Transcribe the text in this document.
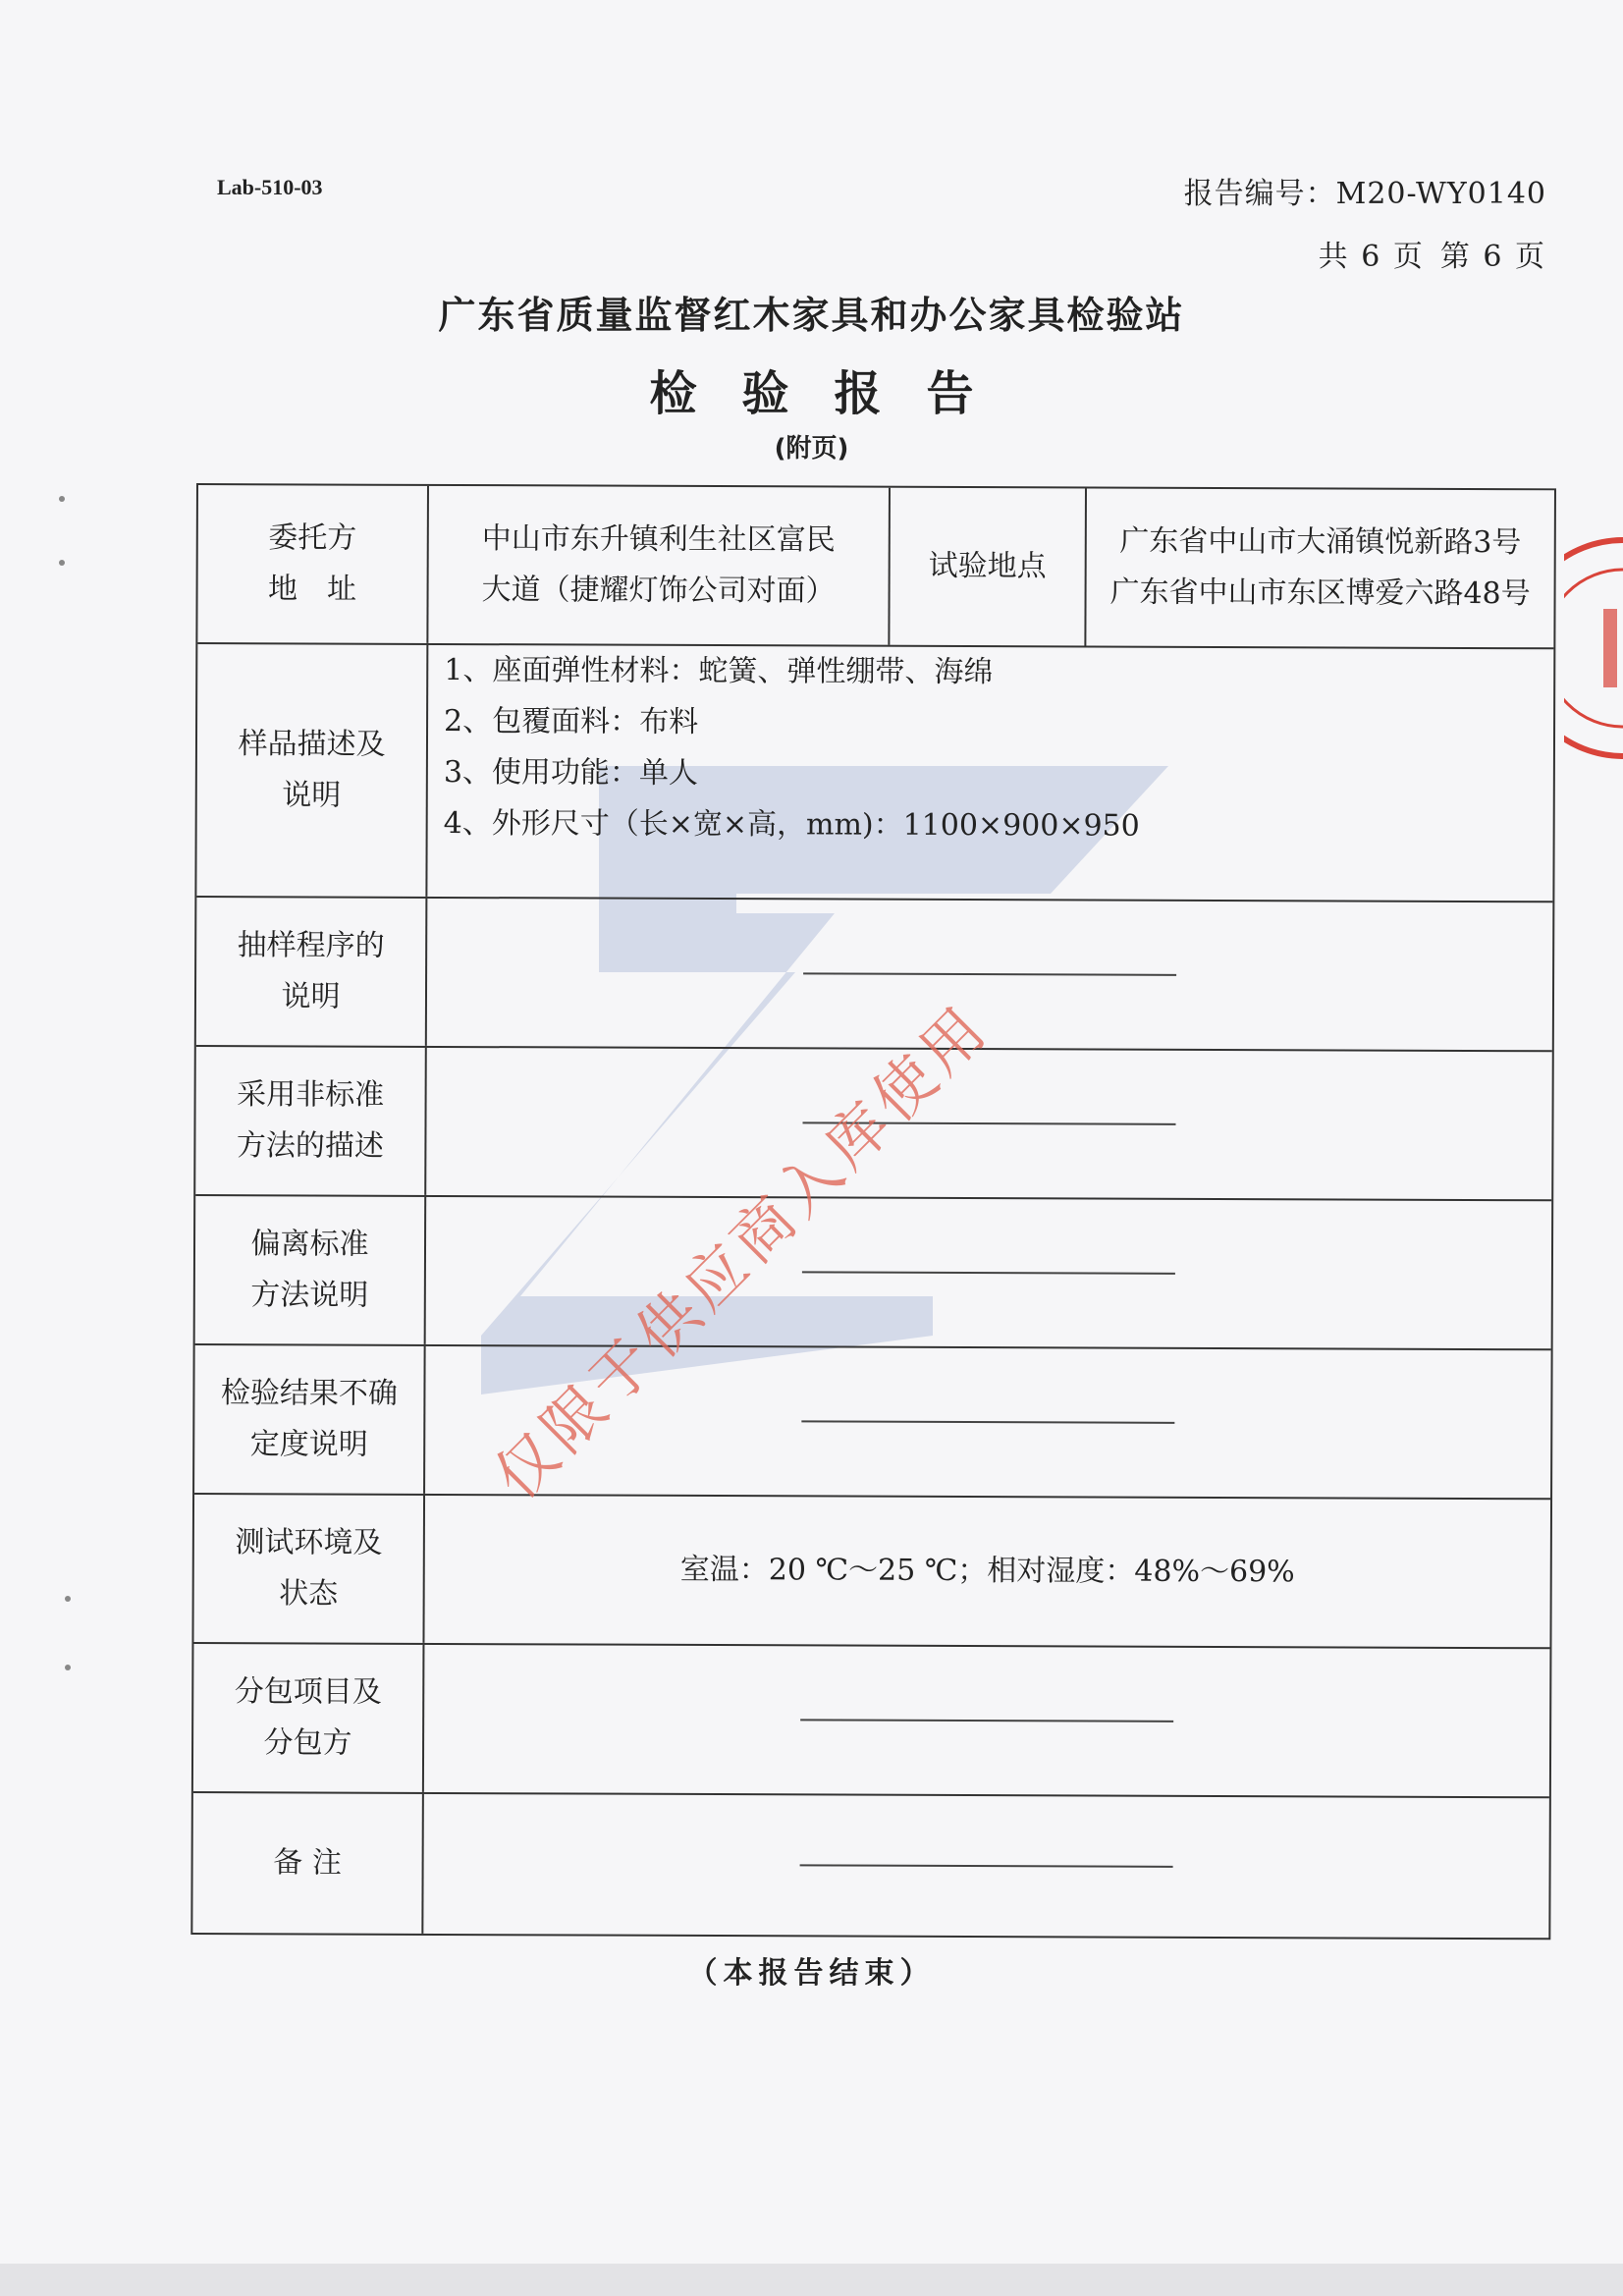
Lab-510-03	报告编号：M20-WY0140
共 6 页 第 6 页
广东省质量监督红木家具和办公家具检验站
检验报告
(附页)
委托方
地　址
中山市东升镇利生社区富民
大道（捷耀灯饰公司对面）
试验地点
广东省中山市大涌镇悦新路3号
广东省中山市东区博爱六路48号
样品描述及
说明
1、座面弹性材料：蛇簧、弹性绷带、海绵
2、包覆面料：布料
3、使用功能：单人
4、外形尺寸（长×宽×高，mm)：1100×900×950
抽样程序的
说明
采用非标准
方法的描述
偏离标准
方法说明
检验结果不确
定度说明
测试环境及
状态
室温：20 ℃～25 ℃；相对湿度：48%～69%
分包项目及
分包方
备 注
仅限于供应商入库使用
（本报告结束）
